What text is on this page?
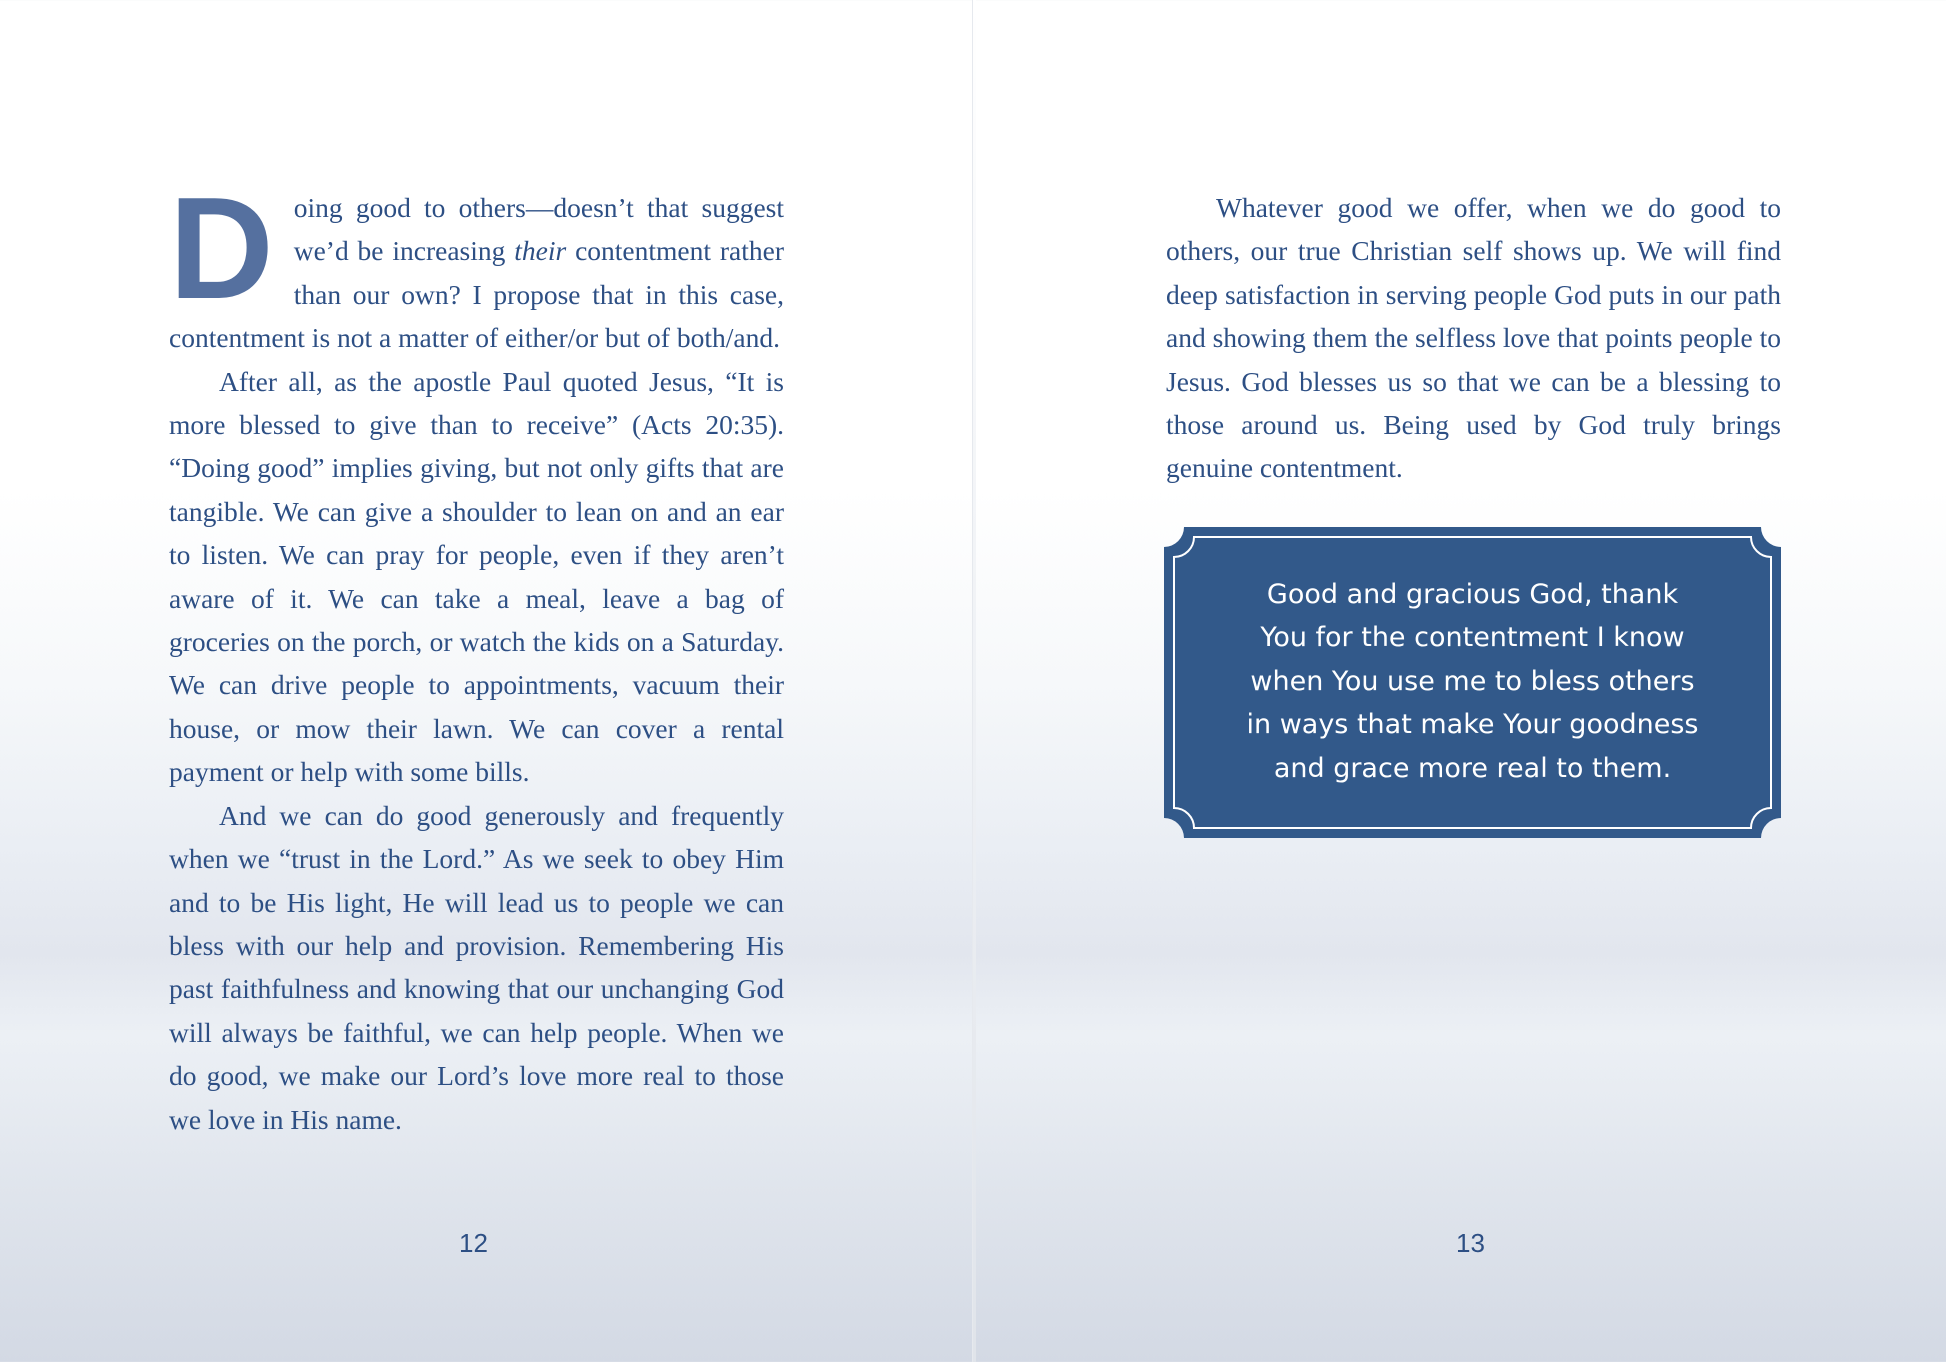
Doing good to others—doesn’t that suggest we’d be increasing their contentment rather than our own? I propose that in this case, contentment is not a matter of either/or but of both/and.

After all, as the apostle Paul quoted Jesus, “It is more blessed to give than to receive” (Acts 20:35). “Doing good” implies giving, but not only gifts that are tangible. We can give a shoulder to lean on and an ear to listen. We can pray for people, even if they aren’t aware of it. We can take a meal, leave a bag of groceries on the porch, or watch the kids on a Saturday. We can drive people to appointments, vacuum their house, or mow their lawn. We can cover a rental payment or help with some bills.

And we can do good generously and frequently when we “trust in the Lord.” As we seek to obey Him and to be His light, He will lead us to people we can bless with our help and provision. Remembering His past faithfulness and knowing that our unchanging God will always be faithful, we can help people. When we do good, we make our Lord’s love more real to those we love in His name.

12

Whatever good we offer, when we do good to others, our true Christian self shows up. We will find deep satisfaction in serving people God puts in our path and showing them the selfless love that points people to Jesus. God blesses us so that we can be a blessing to those around us. Being used by God truly brings genuine contentment.

Good and gracious God, thank
You for the contentment I know
when You use me to bless others
in ways that make Your goodness
and grace more real to them.
13
